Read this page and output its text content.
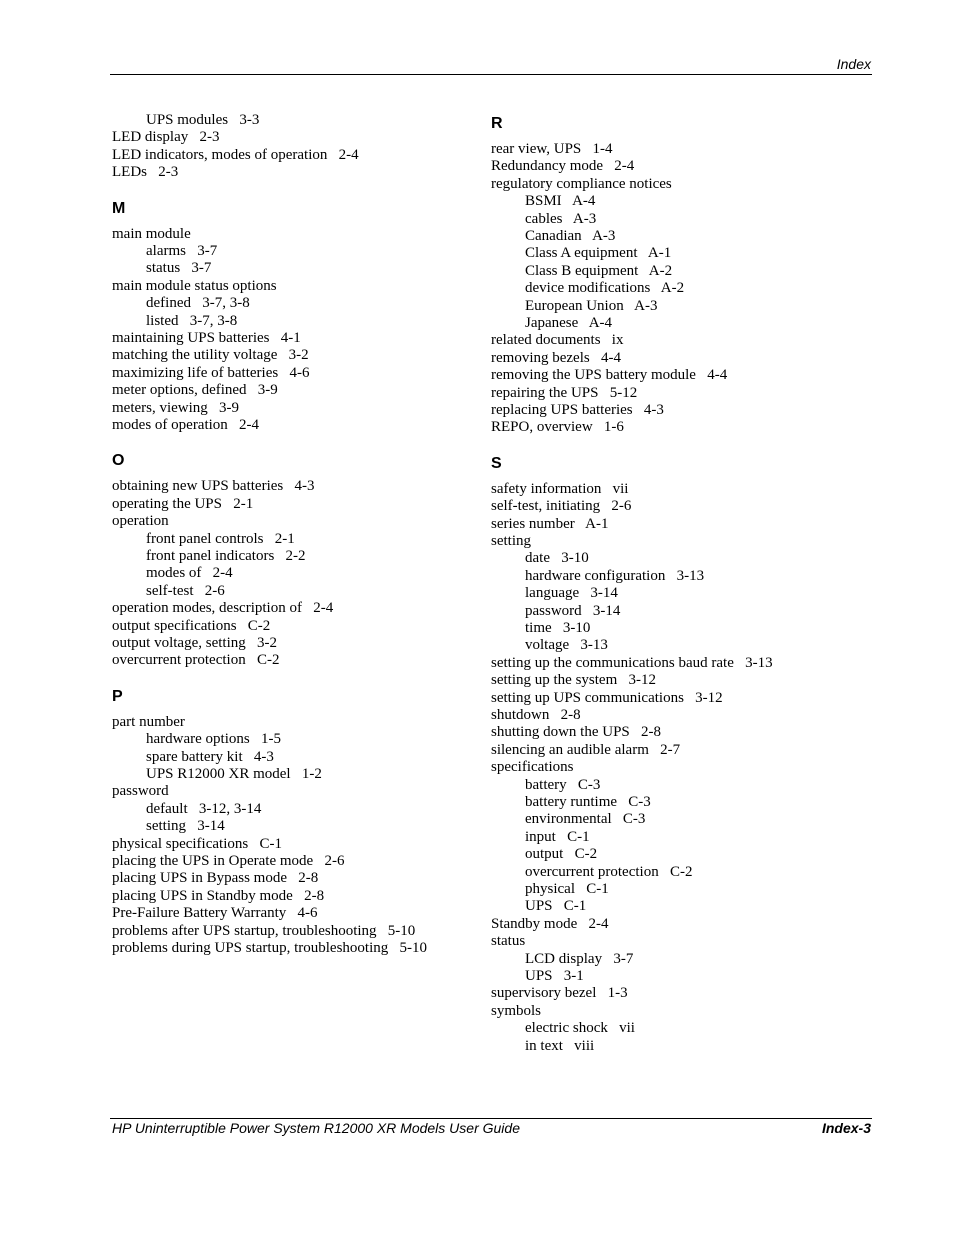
Index
UPS modules   3-3
LED display   2-3
LED indicators, modes of operation   2-4
LEDs   2-3
M
main module
alarms   3-7
status   3-7
main module status options
defined   3-7, 3-8
listed   3-7, 3-8
maintaining UPS batteries   4-1
matching the utility voltage   3-2
maximizing life of batteries   4-6
meter options, defined   3-9
meters, viewing   3-9
modes of operation   2-4
O
obtaining new UPS batteries   4-3
operating the UPS   2-1
operation
front panel controls   2-1
front panel indicators   2-2
modes of   2-4
self-test   2-6
operation modes, description of   2-4
output specifications   C-2
output voltage, setting   3-2
overcurrent protection   C-2
P
part number
hardware options   1-5
spare battery kit   4-3
UPS R12000 XR model   1-2
password
default   3-12, 3-14
setting   3-14
physical specifications   C-1
placing the UPS in Operate mode   2-6
placing UPS in Bypass mode   2-8
placing UPS in Standby mode   2-8
Pre-Failure Battery Warranty   4-6
problems after UPS startup, troubleshooting   5-10
problems during UPS startup, troubleshooting   5-10
R
rear view, UPS   1-4
Redundancy mode   2-4
regulatory compliance notices
BSMI   A-4
cables   A-3
Canadian   A-3
Class A equipment   A-1
Class B equipment   A-2
device modifications   A-2
European Union   A-3
Japanese   A-4
related documents   ix
removing bezels   4-4
removing the UPS battery module   4-4
repairing the UPS   5-12
replacing UPS batteries   4-3
REPO, overview   1-6
S
safety information   vii
self-test, initiating   2-6
series number   A-1
setting
date   3-10
hardware configuration   3-13
language   3-14
password   3-14
time   3-10
voltage   3-13
setting up the communications baud rate   3-13
setting up the system   3-12
setting up UPS communications   3-12
shutdown   2-8
shutting down the UPS   2-8
silencing an audible alarm   2-7
specifications
battery   C-3
battery runtime   C-3
environmental   C-3
input   C-1
output   C-2
overcurrent protection   C-2
physical   C-1
UPS   C-1
Standby mode   2-4
status
LCD display   3-7
UPS   3-1
supervisory bezel   1-3
symbols
electric shock   vii
in text   viii
HP Uninterruptible Power System R12000 XR Models User Guide	Index-3
